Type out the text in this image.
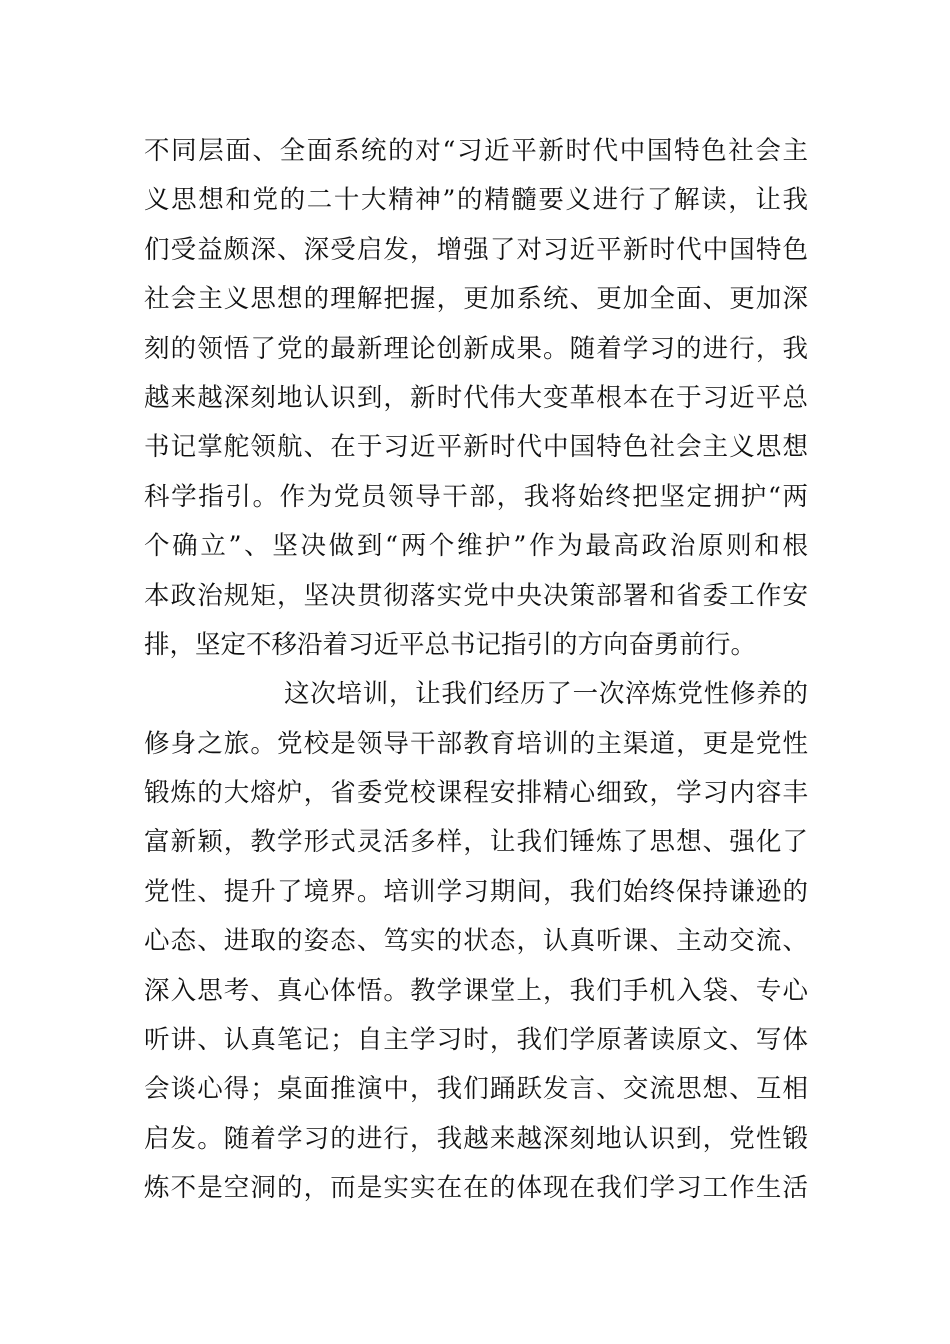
不同层面、全面系统的对“习近平新时代中国特色社会主
义思想和党的二十大精神”的精髓要义进行了解读，让我
们受益颇深、深受启发，增强了对习近平新时代中国特色
社会主义思想的理解把握，更加系统、更加全面、更加深
刻的领悟了党的最新理论创新成果。随着学习的进行，我
越来越深刻地认识到，新时代伟大变革根本在于习近平总
书记掌舵领航、在于习近平新时代中国特色社会主义思想
科学指引。作为党员领导干部，我将始终把坚定拥护“两
个确立”、坚决做到“两个维护”作为最高政治原则和根
本政治规矩，坚决贯彻落实党中央决策部署和省委工作安
排，坚定不移沿着习近平总书记指引的方向奋勇前行。
这次培训，让我们经历了一次淬炼党性修养的
修身之旅。党校是领导干部教育培训的主渠道，更是党性
锻炼的大熔炉，省委党校课程安排精心细致，学习内容丰
富新颖，教学形式灵活多样，让我们锤炼了思想、强化了
党性、提升了境界。培训学习期间，我们始终保持谦逊的
心态、进取的姿态、笃实的状态，认真听课、主动交流、
深入思考、真心体悟。教学课堂上，我们手机入袋、专心
听讲、认真笔记；自主学习时，我们学原著读原文、写体
会谈心得；桌面推演中，我们踊跃发言、交流思想、互相
启发。随着学习的进行，我越来越深刻地认识到，党性锻
炼不是空洞的，而是实实在在的体现在我们学习工作生活
